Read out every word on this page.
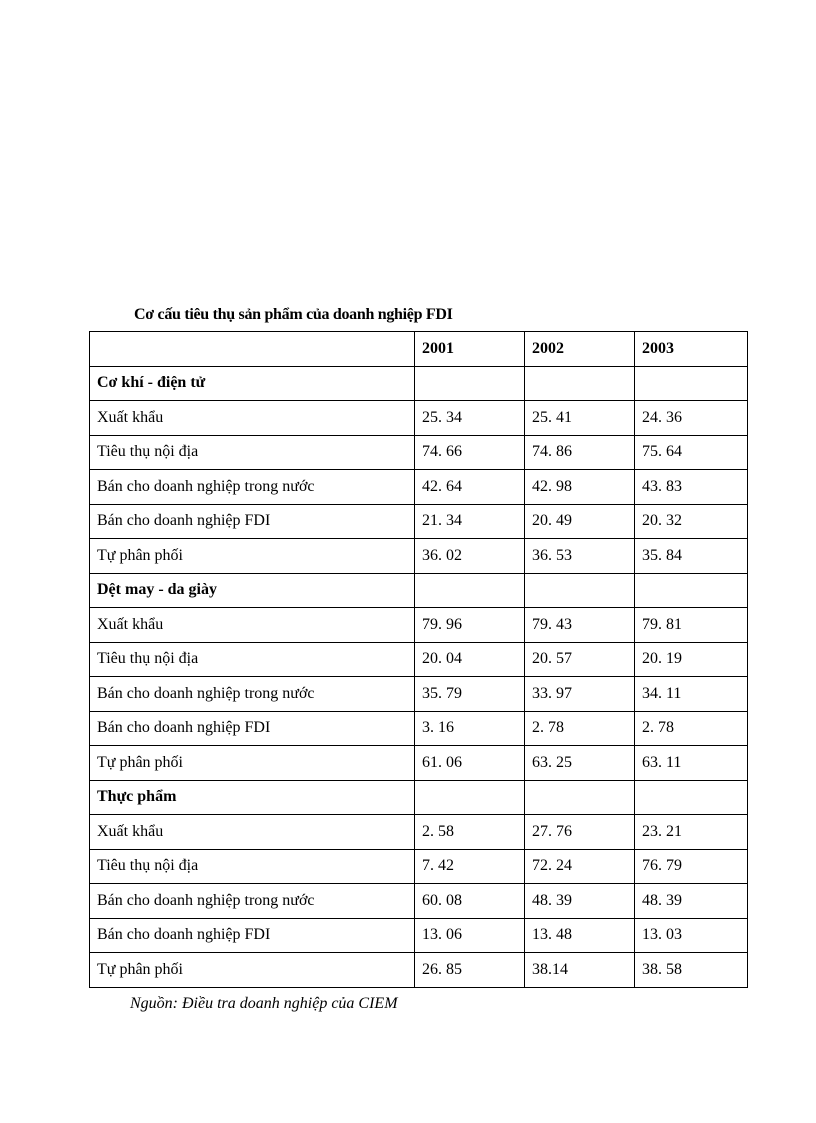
Cơ cấu tiêu thụ sản phẩm của doanh nghiệp FDI
	2001	2002	2003
Cơ khí - điện tử			
Xuất khẩu	25. 34	25. 41	24. 36
Tiêu thụ nội địa	74. 66	74. 86	75. 64
Bán cho doanh nghiệp trong nước	42. 64	42. 98	43. 83
Bán cho doanh nghiệp FDI	21. 34	20. 49	20. 32
Tự phân phối	36. 02	36. 53	35. 84
Dệt may - da giày			
Xuất khẩu	79. 96	79. 43	79. 81
Tiêu thụ nội địa	20. 04	20. 57	20. 19
Bán cho doanh nghiệp trong nước	35. 79	33. 97	34. 11
Bán cho doanh nghiệp FDI	3. 16	2. 78	2. 78
Tự phân phối	61. 06	63. 25	63. 11
Thực phẩm			
Xuất khẩu	2. 58	27. 76	23. 21
Tiêu thụ nội địa	7. 42	72. 24	76. 79
Bán cho doanh nghiệp trong nước	60. 08	48. 39	48. 39
Bán cho doanh nghiệp FDI	13. 06	13. 48	13. 03
Tự phân phối	26. 85	38.14	38. 58
Nguồn: Điều tra doanh nghiệp của CIEM
